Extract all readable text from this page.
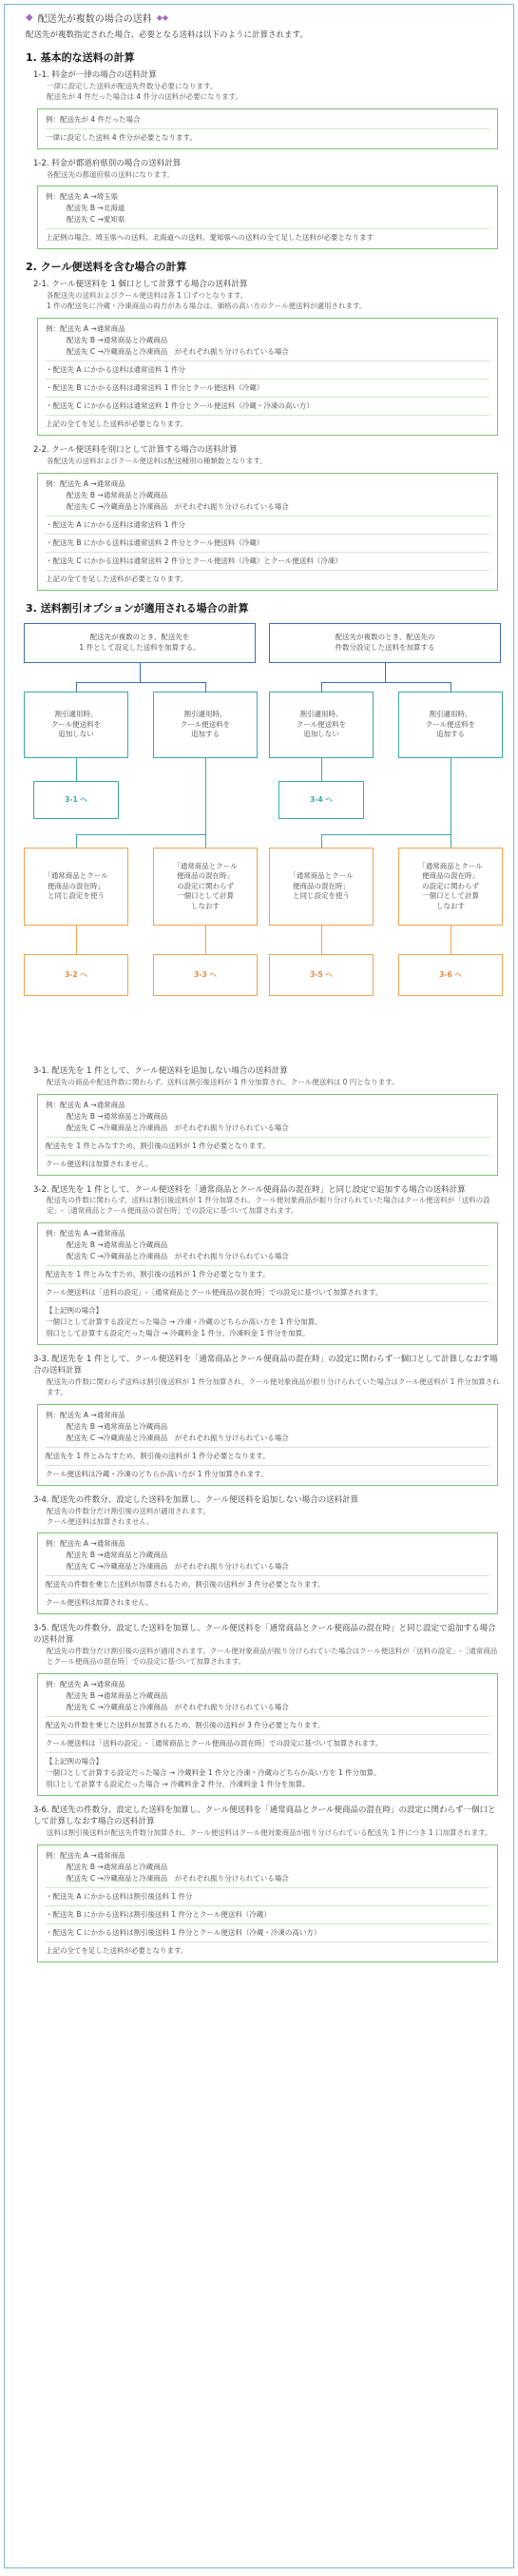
◆ 配送先が複数の場合の送料 ◆◆
配送先が複数指定された場合、必要となる送料は以下のように計算されます。
1. 基本的な送料の計算
1-1. 料金が一律の場合の送料計算
一律に設定した送料が配送先件数分必要になります。
配送先が 4 件だった場合は 4 件分の送料が必要になります。
例：配送先が 4 件だった場合
一律に設定した送料 4 件分が必要となります。
1-2. 料金が都道府県別の場合の送料計算
各配送先の都道府県の送料になります。
例：配送先 A →埼玉県
配送先 B →北海道
配送先 C →愛知県
上記例の場合、埼玉県への送料、北海道への送料、愛知県への送料の全て足した送料が必要となります
2. クール便送料を含む場合の計算
2-1. クール便送料を 1 個口として計算する場合の送料計算
各配送先の送料およびクール便送料は各 1 口ずつとなります。
1 件の配送先に冷蔵・冷凍商品の両方がある場合は、価格の高い方のクール便送料が適用されます。
例：配送先 A →通常商品
配送先 B →通常商品と冷蔵商品
配送先 C →冷蔵商品と冷凍商品　がそれぞれ振り分けられている場合
・配送先 A にかかる送料は通常送料 1 件分
・配送先 B にかかる送料は通常送料 1 件分とクール便送料（冷蔵）
・配送先 C にかかる送料は通常送料 1 件分とクール便送料（冷蔵・冷凍の高い方）
上記の全てを足した送料が必要となります。
2-2. クール便送料を別口として計算する場合の送料計算
各配送先の送料およびクール便送料は配送種別の種類数となります。
例：配送先 A →通常商品
配送先 B →通常商品と冷蔵商品
配送先 C →冷蔵商品と冷凍商品　がそれぞれ振り分けられている場合
・配送先 A にかかる送料は通常送料 1 件分
・配送先 B にかかる送料は通常送料 2 件分とクール便送料（冷蔵）
・配送先 C にかかる送料は通常送料 2 件分とクール便送料（冷蔵）とクール便送料（冷凍）
上記の全てを足した送料が必要となります。
3. 送料割引オプションが適用される場合の計算
配送先が複数のとき、配送先を
1 件として設定した送料を加算する。
配送先が複数のとき、配送先の
件数分設定した送料を加算する
割引適用時、
クール便送料を
追加しない
割引適用時、
クール便送料を
追加する
割引適用時、
クール便送料を
追加しない
割引適用時、
クール便送料を
追加する
3-1 へ	3-4 へ
「通常商品とクール
便商品の混在時」
と同じ設定を使う
「通常商品とクール
便商品の混在時」
の設定に関わらず
一個口として計算
しなおす
「通常商品とクール
便商品の混在時」
と同じ設定を使う
「通常商品とクール
便商品の混在時」
の設定に関わらず
一個口として計算
しなおす
3-2 へ	3-3 へ	3-5 へ	3-6 へ
3-1. 配送先を 1 件として、クール便送料を追加しない場合の送料計算
配送先の商品や配送件数に関わらず、送料は割引後送料が 1 件分加算され、クール便送料は 0 円となります。
例：配送先 A →通常商品
配送先 B →通常商品と冷蔵商品
配送先 C →冷蔵商品と冷凍商品　がそれぞれ振り分けられている場合
配送先を 1 件とみなすため、割引後の送料が 1 件分必要となります。
クール便送料は加算されません。
3-2. 配送先を 1 件として、クール便送料を「通常商品とクール便商品の混在時」と同じ設定で追加する場合の送料計算
配送先の件数に関わらず、送料は割引後送料が 1 件分加算され、クール便対象商品が振り分けられていた場合はクール便送料が「送料の設定」-［通常商品とクール便商品の混在時］での設定に基づいて加算されます。
例：配送先 A →通常商品
配送先 B →通常商品と冷蔵商品
配送先 C →冷蔵商品と冷凍商品　がそれぞれ振り分けられている場合
配送先を 1 件とみなすため、割引後の送料が 1 件分必要となります。
クール便送料は「送料の設定」-［通常商品とクール便商品の混在時］での設定に基づいて加算されます。
【上記例の場合】
一個口として計算する設定だった場合 → 冷凍・冷蔵のどちらか高い方を 1 件分加算。
別口として計算する設定だった場合 → 冷蔵料金 1 件分、冷凍料金 1 件分を加算。
3-3. 配送先を 1 件として、クール便送料を「通常商品とクール便商品の混在時」の設定に関わらず一個口として計算しなおす場合の送料計算
配送先の件数に関わらず送料は割引後送料が 1 件分加算され、クール便対象商品が振り分けられていた場合はクール便送料が 1 件分加算されます。
例：配送先 A →通常商品
配送先 B →通常商品と冷蔵商品
配送先 C →冷蔵商品と冷凍商品　がそれぞれ振り分けられている場合
配送先を 1 件とみなすため、割引後の送料が 1 件分必要となります。
クール便送料は冷蔵・冷凍のどちらか高い方が 1 件分加算されます。
3-4. 配送先の件数分、設定した送料を加算し、クール便送料を追加しない場合の送料計算
配送先の件数分だけ割引後の送料が適用されます。
クール便送料は加算されません。
例：配送先 A →通常商品
配送先 B →通常商品と冷蔵商品
配送先 C →冷蔵商品と冷凍商品　がそれぞれ振り分けられている場合
配送先の件数を乗じた送料が加算されるため、割引後の送料が 3 件分必要となります。
クール便送料は加算されません。
3-5. 配送先の件数分、設定した送料を加算し、クール便送料を「通常商品とクール便商品の混在時」と同じ設定で追加する場合の送料計算
配送先の件数分だけ割引後の送料が適用されます。クール便対象商品が振り分けられていた場合はクール便送料が「送料の設定」-［通常商品とクール便商品の混在時］での設定に基づいて加算されます。
例：配送先 A →通常商品
配送先 B →通常商品と冷蔵商品
配送先 C →冷蔵商品と冷凍商品　がそれぞれ振り分けられている場合
配送先の件数を乗じた送料が加算されるため、割引後の送料が 3 件分必要となります。
クール便送料は「送料の設定」-［通常商品とクール便商品の混在時］での設定に基づいて加算されます。
【上記例の場合】
一個口として計算する設定だった場合 → 冷蔵料金 1 件分と冷凍・冷蔵のどちらか高い方を 1 件分加算。
別口として計算する設定だった場合 → 冷蔵料金 2 件分、冷凍料金 1 件分を加算。
3-6. 配送先の件数分、設定した送料を加算し、クール便送料を「通常商品とクール便商品の混在時」の設定に関わらず一個口として計算しなおす場合の送料計算
送料は割引後送料が配送先件数分加算され、クール便送料はクール便対象商品が振り分けられている配送先 1 件につき 1 口加算されます。
例：配送先 A →通常商品
配送先 B →通常商品と冷蔵商品
配送先 C →冷蔵商品と冷凍商品　がそれぞれ振り分けられている場合
・配送先 A にかかる送料は割引後送料 1 件分
・配送先 B にかかる送料は割引後送料 1 件分とクール便送料（冷蔵）
・配送先 C にかかる送料は割引後送料 1 件分とクール便送料（冷蔵・冷凍の高い方）
上記の全てを足した送料が必要となります。
